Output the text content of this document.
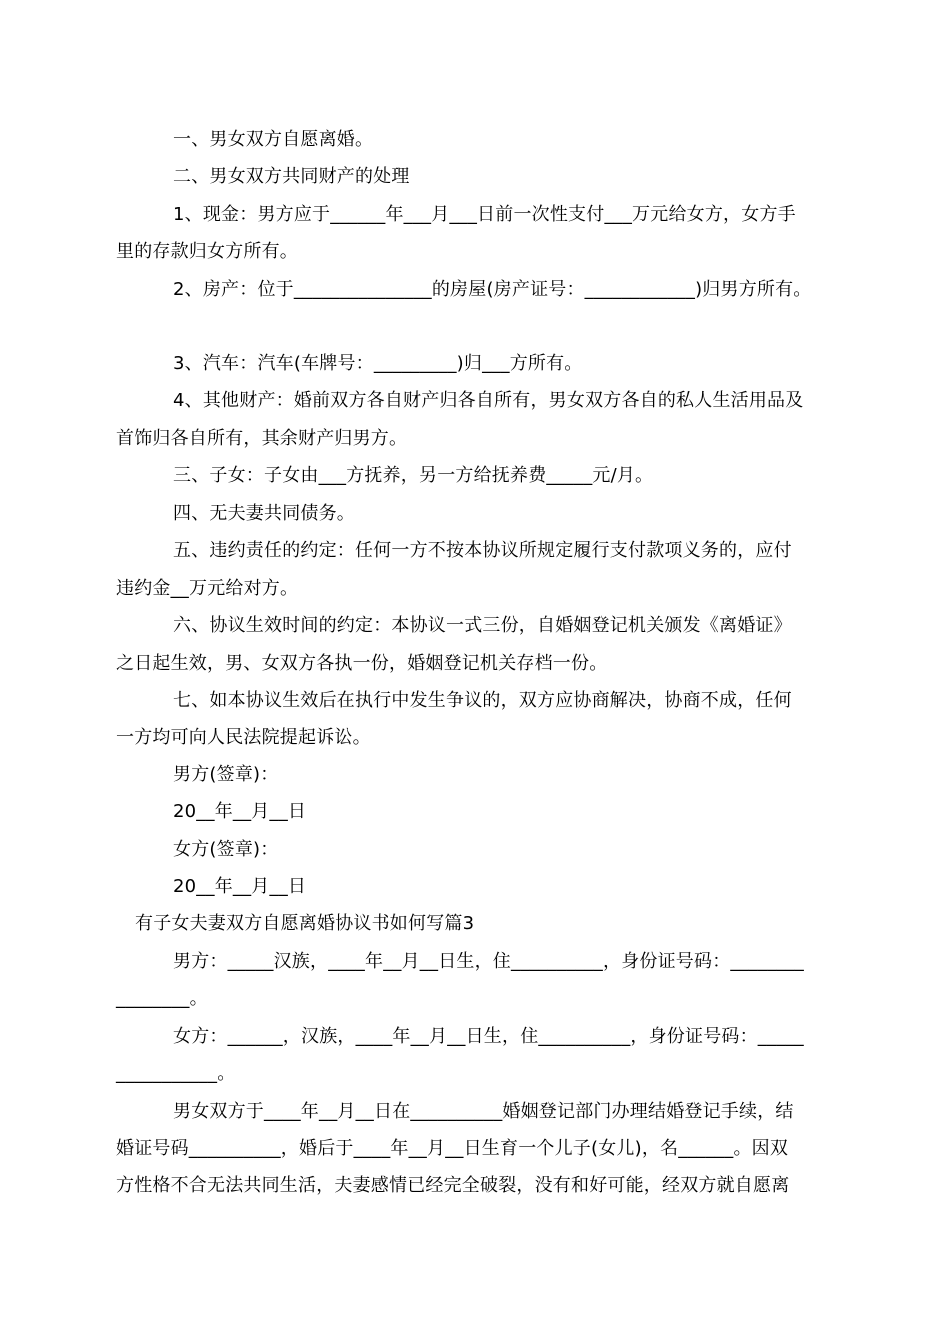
一、男女双方自愿离婚。
二、男女双方共同财产的处理
1、现金：男方应于______年___月___日前一次性支付___万元给女方，女方手
里的存款归女方所有。
2、房产：位于_______________的房屋(房产证号：____________)归男方所有。
3、汽车：汽车(车牌号：_________)归___方所有。
4、其他财产：婚前双方各自财产归各自所有，男女双方各自的私人生活用品及
首饰归各自所有，其余财产归男方。
三、子女：子女由___方抚养，另一方给抚养费_____元/月。
四、无夫妻共同债务。
五、违约责任的约定：任何一方不按本协议所规定履行支付款项义务的，应付
违约金__万元给对方。
六、协议生效时间的约定：本协议一式三份，自婚姻登记机关颁发《离婚证》
之日起生效，男、女双方各执一份，婚姻登记机关存档一份。
七、如本协议生效后在执行中发生争议的，双方应协商解决，协商不成，任何
一方均可向人民法院提起诉讼。
男方(签章)：
20__年__月__日
女方(签章)：
20__年__月__日
有子女夫妻双方自愿离婚协议书如何写篇3
男方：_____汉族，____年__月__日生，住__________，身份证号码：________
________。
女方：______，汉族，____年__月__日生，住__________，身份证号码：_____
___________。
男女双方于____年__月__日在__________婚姻登记部门办理结婚登记手续，结
婚证号码__________，婚后于____年__月__日生育一个儿子(女儿)，名______。因双
方性格不合无法共同生活，夫妻感情已经完全破裂，没有和好可能，经双方就自愿离
